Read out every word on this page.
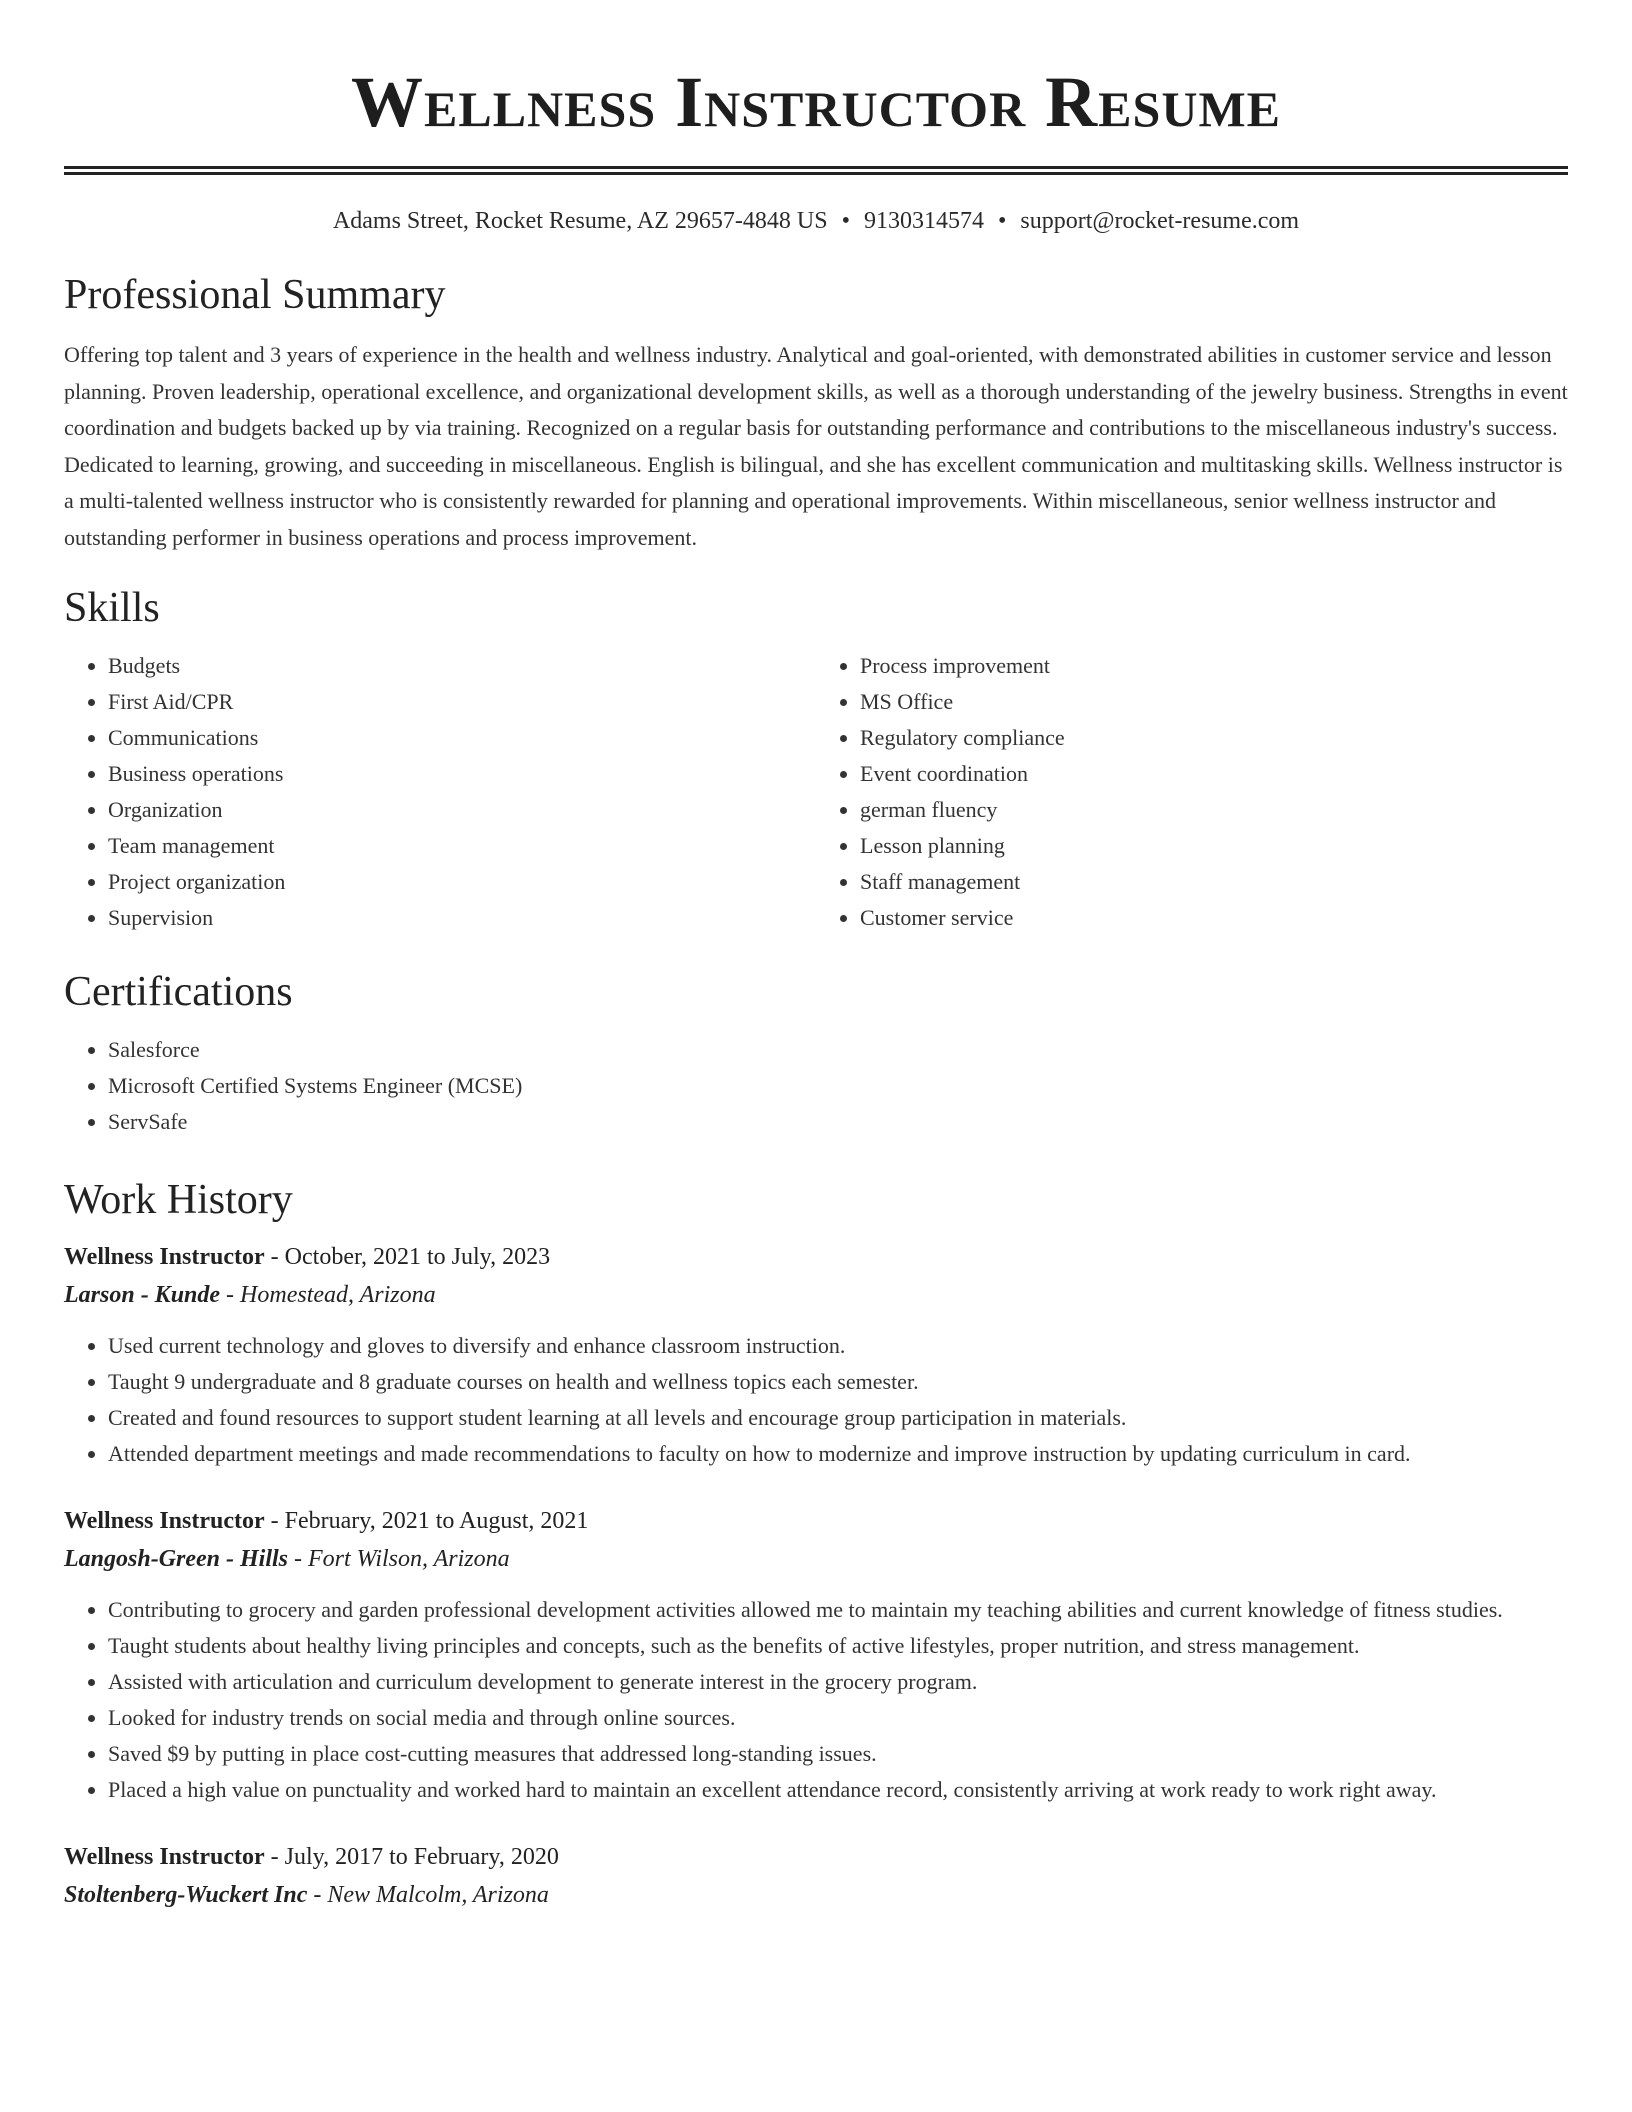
Wellness Instructor Resume
Adams Street, Rocket Resume, AZ 29657-4848 US • 9130314574 • support@rocket-resume.com
Professional Summary

Offering top talent and 3 years of experience in the health and wellness industry. Analytical and goal-oriented, with demonstrated abilities in customer service and lesson planning. Proven leadership, operational excellence, and organizational development skills, as well as a thorough understanding of the jewelry business. Strengths in event coordination and budgets backed up by via training. Recognized on a regular basis for outstanding performance and contributions to the miscellaneous industry's success. Dedicated to learning, growing, and succeeding in miscellaneous. English is bilingual, and she has excellent communication and multitasking skills. Wellness instructor is a multi-talented wellness instructor who is consistently rewarded for planning and operational improvements. Within miscellaneous, senior wellness instructor and outstanding performer in business operations and process improvement.

Skills
• Budgets
• First Aid/CPR
• Communications
• Business operations
• Organization
• Team management
• Project organization
• Supervision
• Process improvement
• MS Office
• Regulatory compliance
• Event coordination
• german fluency
• Lesson planning
• Staff management
• Customer service
Certifications
• Salesforce
• Microsoft Certified Systems Engineer (MCSE)
• ServSafe
Work History
Wellness Instructor - October, 2021 to July, 2023
Larson - Kunde - Homestead, Arizona
• Used current technology and gloves to diversify and enhance classroom instruction.
• Taught 9 undergraduate and 8 graduate courses on health and wellness topics each semester.
• Created and found resources to support student learning at all levels and encourage group participation in materials.
• Attended department meetings and made recommendations to faculty on how to modernize and improve instruction by updating curriculum in card.
Wellness Instructor - February, 2021 to August, 2021
Langosh-Green - Hills - Fort Wilson, Arizona
• Contributing to grocery and garden professional development activities allowed me to maintain my teaching abilities and current knowledge of fitness studies.
• Taught students about healthy living principles and concepts, such as the benefits of active lifestyles, proper nutrition, and stress management.
• Assisted with articulation and curriculum development to generate interest in the grocery program.
• Looked for industry trends on social media and through online sources.
• Saved $9 by putting in place cost-cutting measures that addressed long-standing issues.
• Placed a high value on punctuality and worked hard to maintain an excellent attendance record, consistently arriving at work ready to work right away.
Wellness Instructor - July, 2017 to February, 2020
Stoltenberg-Wuckert Inc - New Malcolm, Arizona
